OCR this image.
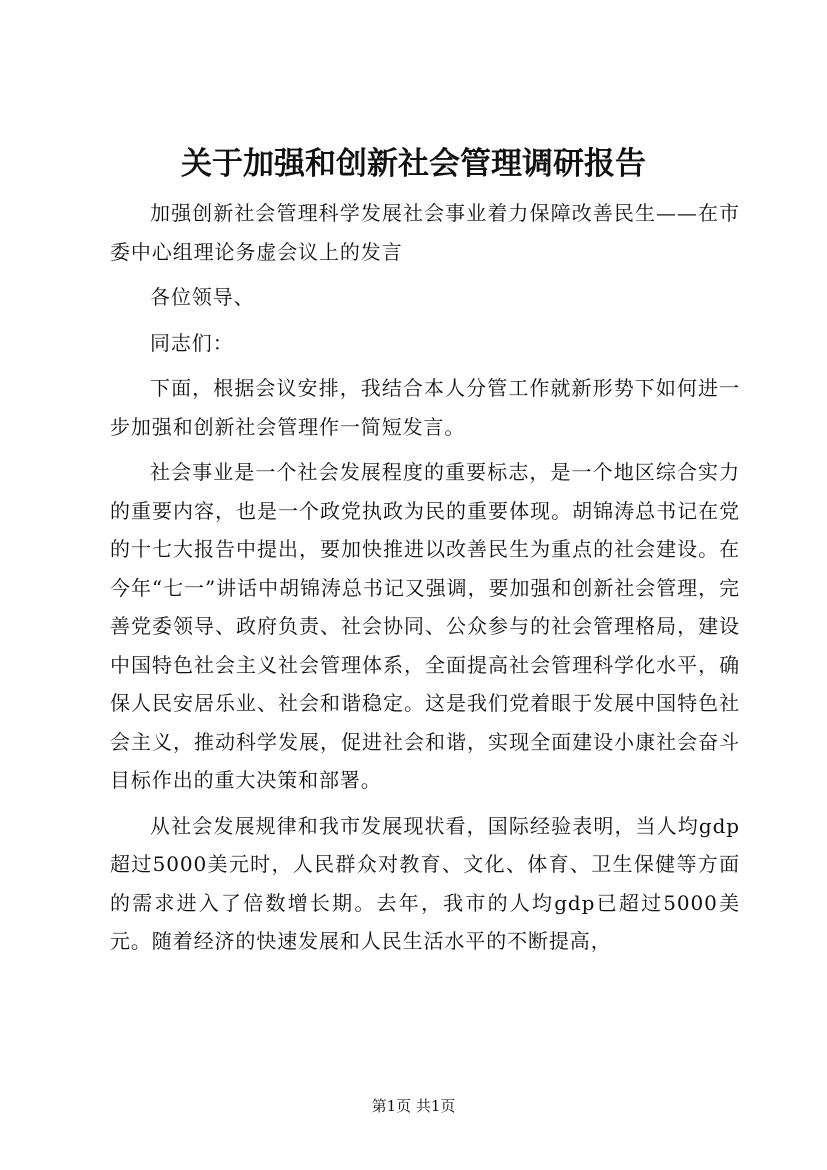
关于加强和创新社会管理调研报告

加强创新社会管理科学发展社会事业着力保障改善民生——在市委中心组理论务虚会议上的发言

各位领导、

同志们：

下面，根据会议安排，我结合本人分管工作就新形势下如何进一步加强和创新社会管理作一简短发言。

社会事业是一个社会发展程度的重要标志，是一个地区综合实力的重要内容，也是一个政党执政为民的重要体现。胡锦涛总书记在党的十七大报告中提出，要加快推进以改善民生为重点的社会建设。在今年“七一”讲话中胡锦涛总书记又强调，要加强和创新社会管理，完善党委领导、政府负责、社会协同、公众参与的社会管理格局，建设中国特色社会主义社会管理体系，全面提高社会管理科学化水平，确保人民安居乐业、社会和谐稳定。这是我们党着眼于发展中国特色社会主义，推动科学发展，促进社会和谐，实现全面建设小康社会奋斗目标作出的重大决策和部署。

从社会发展规律和我市发展现状看，国际经验表明，当人均gdp超过5000美元时，人民群众对教育、文化、体育、卫生保健等方面的需求进入了倍数增长期。去年，我市的人均gdp已超过5000美元。随着经济的快速发展和人民生活水平的不断提高，

第1页 共1页
